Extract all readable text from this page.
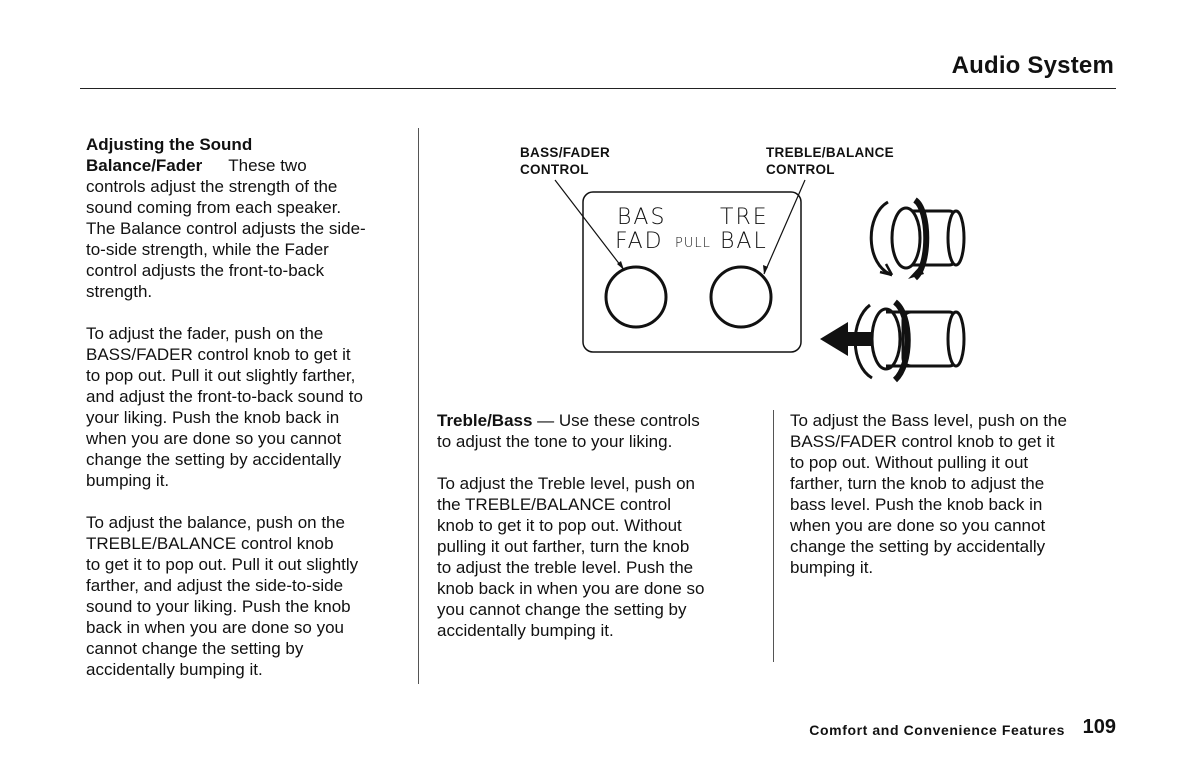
Audio System

Adjusting the Sound

Balance/Fader These two

controls adjust the strength of the

sound coming from each speaker.

The Balance control adjusts the side-

to-side strength, while the Fader

control adjusts the front-to-back

strength.

To adjust the fader, push on the

BASS/FADER control knob to get it

to pop out. Pull it out slightly farther,

and adjust the front-to-back sound to

your liking. Push the knob back in

when you are done so you cannot

change the setting by accidentally

bumping it.

To adjust the balance, push on the

TREBLE/BALANCE control knob

to get it to pop out. Pull it out slightly

farther, and adjust the side-to-side

sound to your liking. Push the knob

back in when you are done so you

cannot change the setting by

accidentally bumping it.

BASS/FADER
CONTROL
TREBLE/BALANCE
CONTROL
BAS
FAD PULL
TRE
BAL

Treble/Bass — Use these controls

to adjust the tone to your liking.

To adjust the Treble level, push on

the TREBLE/BALANCE control

knob to get it to pop out. Without

pulling it out farther, turn the knob

to adjust the treble level. Push the

knob back in when you are done so

you cannot change the setting by

accidentally bumping it.

To adjust the Bass level, push on the

BASS/FADER control knob to get it

to pop out. Without pulling it out

farther, turn the knob to adjust the

bass level. Push the knob back in

when you are done so you cannot

change the setting by accidentally

bumping it.

Comfort and Convenience Features 109
